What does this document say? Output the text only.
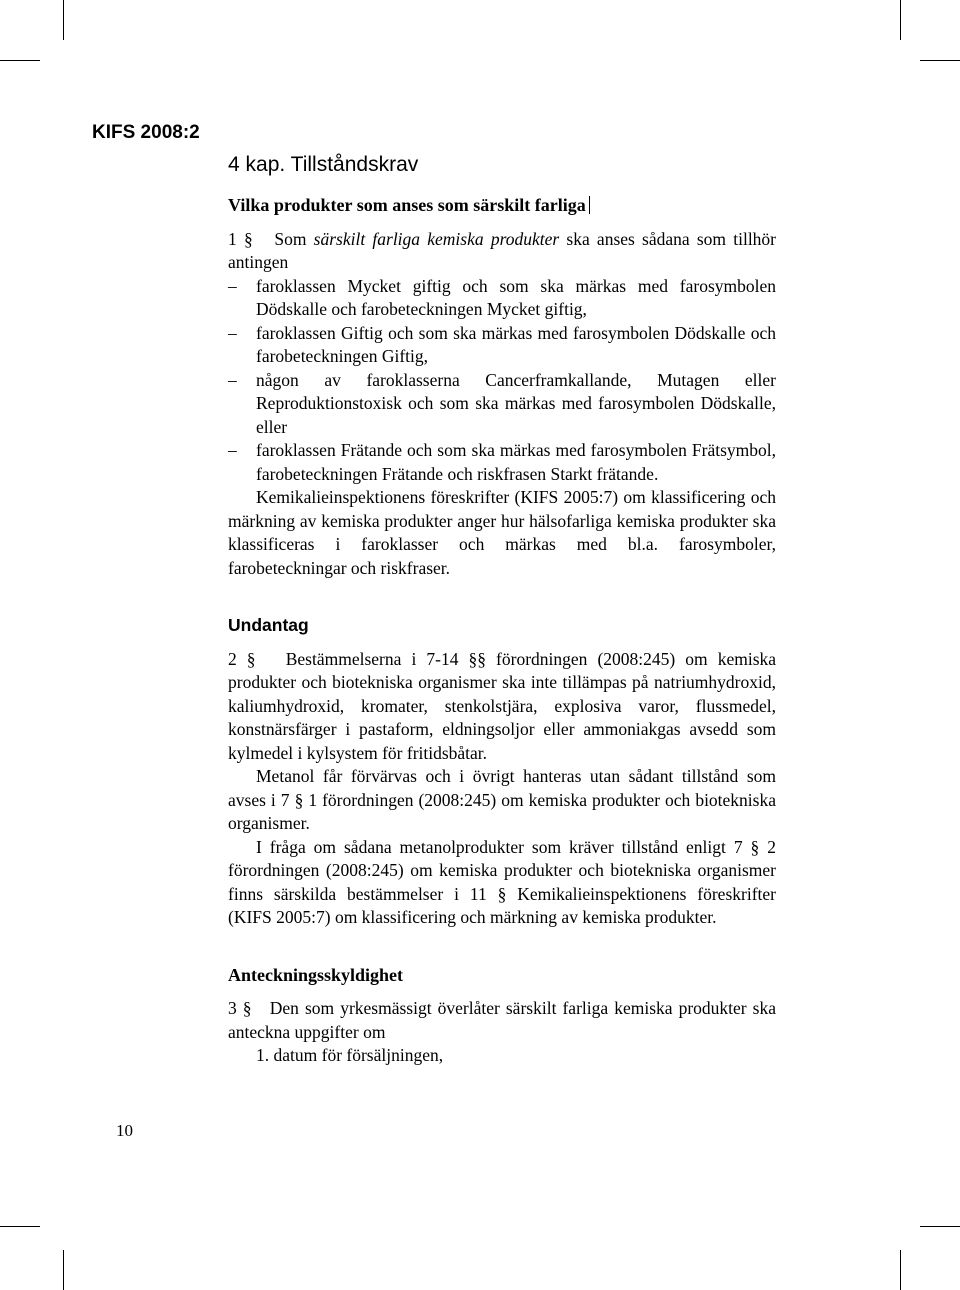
KIFS 2008:2

4 kap. Tillståndskrav
Vilka produkter som anses som särskilt farliga

1 § Som särskilt farliga kemiska produkter ska anses sådana som tillhör antingen

– faroklassen Mycket giftig och som ska märkas med farosymbolen Dödskalle och farobeteckningen Mycket giftig,
– faroklassen Giftig och som ska märkas med farosymbolen Dödskalle och farobeteckningen Giftig,
– någon av faroklasserna Cancerframkallande, Mutagen eller Reproduktionstoxisk och som ska märkas med farosymbolen Dödskalle, eller
– faroklassen Frätande och som ska märkas med farosymbolen Frätsymbol, farobeteckningen Frätande och riskfrasen Starkt frätande.

Kemikalieinspektionens föreskrifter (KIFS 2005:7) om klassificering och märkning av kemiska produkter anger hur hälsofarliga kemiska produkter ska klassificeras i faroklasser och märkas med bl.a. farosymboler, farobeteckningar och riskfraser.

Undantag

2 § Bestämmelserna i 7-14 §§ förordningen (2008:245) om kemiska produkter och biotekniska organismer ska inte tillämpas på natriumhydroxid, kaliumhydroxid, kromater, stenkolstjära, explosiva varor, flussmedel, konstnärsfärger i pastaform, eldningsoljor eller ammoniakgas avsedd som kylmedel i kylsystem för fritidsbåtar.

Metanol får förvärvas och i övrigt hanteras utan sådant tillstånd som avses i 7 § 1 förordningen (2008:245) om kemiska produkter och biotekniska organismer.

I fråga om sådana metanolprodukter som kräver tillstånd enligt 7 § 2 förordningen (2008:245) om kemiska produkter och biotekniska organismer finns särskilda bestämmelser i 11 § Kemikalieinspektionens föreskrifter (KIFS 2005:7) om klassificering och märkning av kemiska produkter.

Anteckningsskyldighet

3 § Den som yrkesmässigt överlåter särskilt farliga kemiska produkter ska anteckna uppgifter om

1. datum för försäljningen,

10
